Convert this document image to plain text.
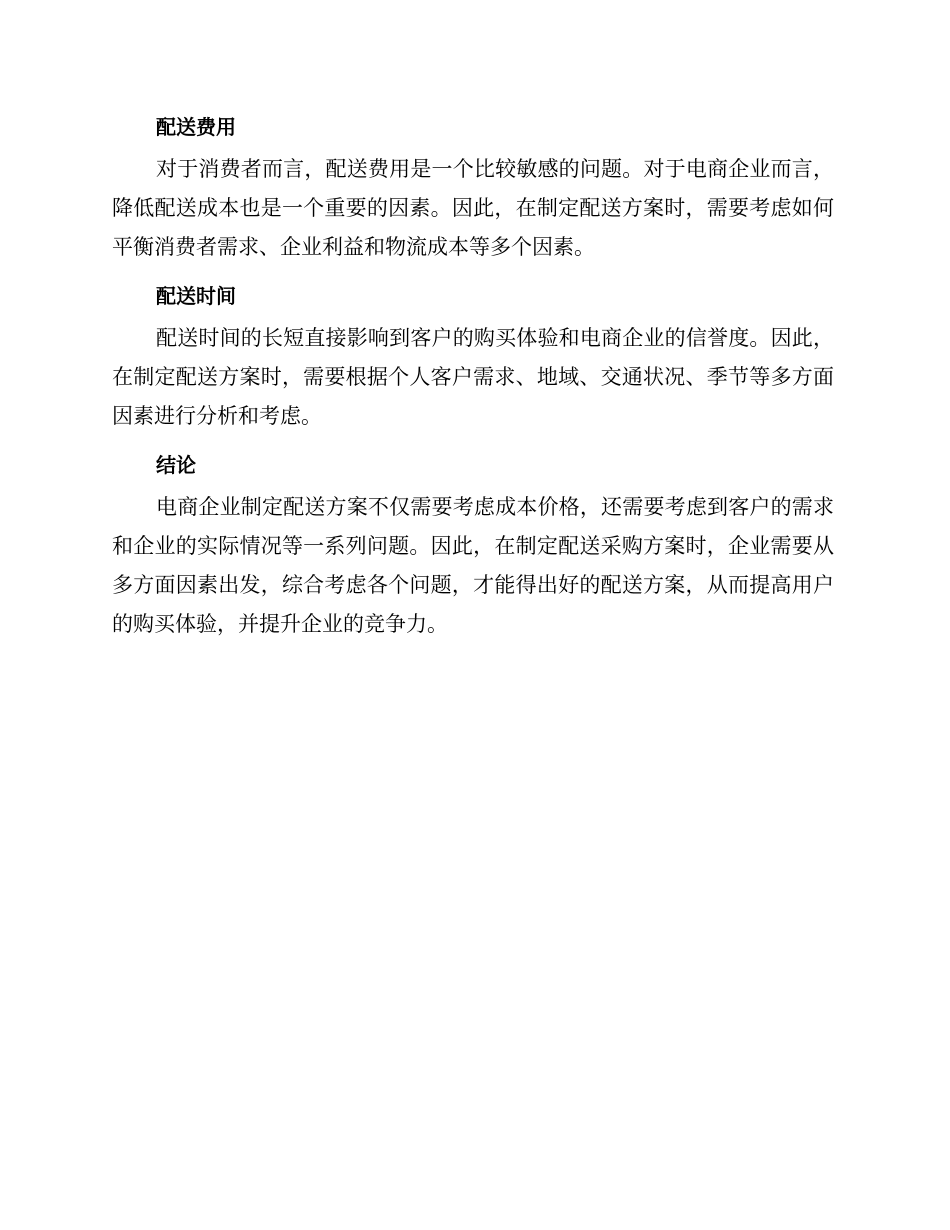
配送费用

对于消费者而言，配送费用是一个比较敏感的问题。对于电商企业而言，降低配送成本也是一个重要的因素。因此，在制定配送方案时，需要考虑如何平衡消费者需求、企业利益和物流成本等多个因素。

配送时间

配送时间的长短直接影响到客户的购买体验和电商企业的信誉度。因此，在制定配送方案时，需要根据个人客户需求、地域、交通状况、季节等多方面因素进行分析和考虑。

结论

电商企业制定配送方案不仅需要考虑成本价格，还需要考虑到客户的需求和企业的实际情况等一系列问题。因此，在制定配送采购方案时，企业需要从多方面因素出发，综合考虑各个问题，才能得出好的配送方案，从而提高用户的购买体验，并提升企业的竞争力。
